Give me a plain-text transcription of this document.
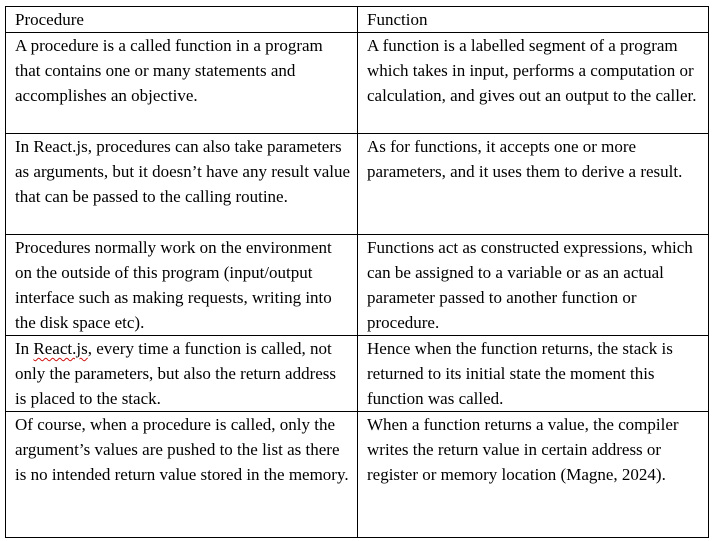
Procedure	Function
A procedure is a called function in a program that contains one or many statements and accomplishes an objective.	A function is a labelled segment of a program which takes in input, performs a computation or calculation, and gives out an output to the caller.
In React.js, procedures can also take parameters as arguments, but it doesn’t have any result value that can be passed to the calling routine.	As for functions, it accepts one or more parameters, and it uses them to derive a result.
Procedures normally work on the environment on the outside of this program (input/output interface such as making requests, writing into the disk space etc).	Functions act as constructed expressions, which can be assigned to a variable or as an actual parameter passed to another function or procedure.
In React.js, every time a function is called, not only the parameters, but also the return address is placed to the stack.	Hence when the function returns, the stack is returned to its initial state the moment this function was called.
Of course, when a procedure is called, only the argument’s values are pushed to the list as there is no intended return value stored in the memory.	When a function returns a value, the compiler writes the return value in certain address or register or memory location (Magne, 2024).
